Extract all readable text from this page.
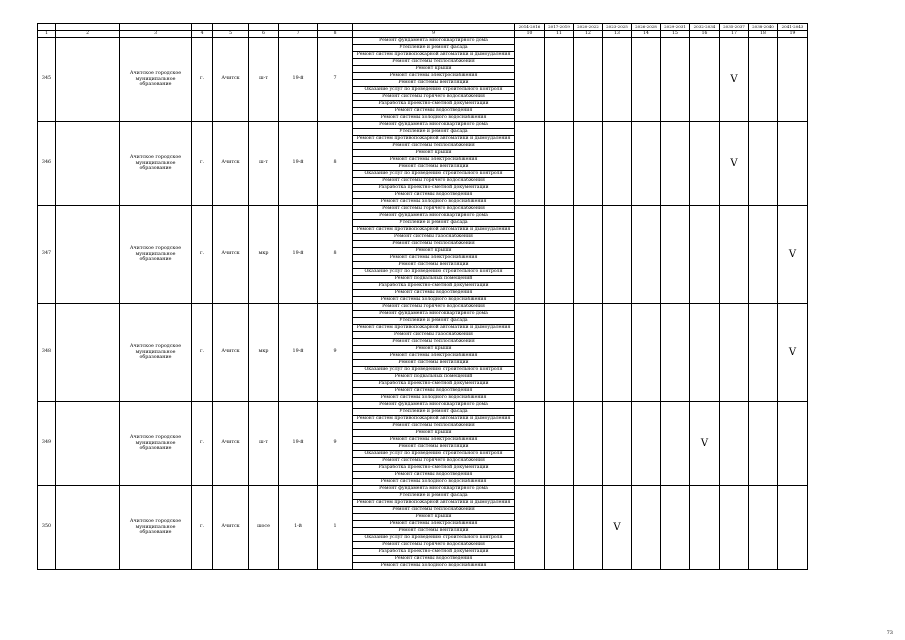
									2014-2016	2017-2019	2020-2022	2023-2025	2026-2028	2029-2031	2032-2034	2035-2037	2038-2040	2041-2043
1	2	3	4	5	6	7	8	9	10	11	12	13	14	15	16	17	18	19
345		Ачитское городское муниципальное образование	г.	Ачитск	ш-т	19-й	7	Ремонт фундамента многоквартирного дома								V		
								Утепление и ремонт фасада										
								Ремонт систем противопожарной автоматики и дымоудаления										
								Ремонт системы теплоснабжения										
								Ремонт крыши										
								Ремонт системы электроснабжения										
								Ремонт системы вентиляции										
								Оказание услуг по проведению строительного контроля										
								Ремонт системы горячего водоснабжения										
								Разработка проектно-сметной документации										
								Ремонт системы водоотведения										
								Ремонт системы холодного водоснабжения										
346		Ачитское городское муниципальное образование	г.	Ачитск	ш-т	19-й	8	Ремонт фундамента многоквартирного дома								V		
								Утепление и ремонт фасада										
								Ремонт систем противопожарной автоматики и дымоудаления										
								Ремонт системы теплоснабжения										
								Ремонт крыши										
								Ремонт системы электроснабжения										
								Ремонт системы вентиляции										
								Оказание услуг по проведению строительного контроля										
								Ремонт системы горячего водоснабжения										
								Разработка проектно-сметной документации										
								Ремонт системы водоотведения										
								Ремонт системы холодного водоснабжения										
347		Ачитское городское муниципальное образование	г.	Ачитск	мкр	19-й	8	Ремонт системы горячего водоснабжения										V
								Ремонт фундамента многоквартирного дома										
								Утепление и ремонт фасада										
								Ремонт систем противопожарной автоматики и дымоудаления										
								Ремонт системы газоснабжения										
								Ремонт системы теплоснабжения										
								Ремонт крыши										
								Ремонт системы электроснабжения										
								Ремонт системы вентиляции										
								Оказание услуг по проведению строительного контроля										
								Ремонт подвальных помещений										
								Разработка проектно-сметной документации										
								Ремонт системы водоотведения										
								Ремонт системы холодного водоснабжения										
348		Ачитское городское муниципальное образование	г.	Ачитск	мкр	19-й	9	Ремонт системы горячего водоснабжения										V
								Ремонт фундамента многоквартирного дома										
								Утепление и ремонт фасада										
								Ремонт систем противопожарной автоматики и дымоудаления										
								Ремонт системы газоснабжения										
								Ремонт системы теплоснабжения										
								Ремонт крыши										
								Ремонт системы электроснабжения										
								Ремонт системы вентиляции										
								Оказание услуг по проведению строительного контроля										
								Ремонт подвальных помещений										
								Разработка проектно-сметной документации										
								Ремонт системы водоотведения										
								Ремонт системы холодного водоснабжения										
349		Ачитское городское муниципальное образование	г.	Ачитск	ш-т	19-й	9	Ремонт фундамента многоквартирного дома							V			
								Утепление и ремонт фасада										
								Ремонт систем противопожарной автоматики и дымоудаления										
								Ремонт системы теплоснабжения										
								Ремонт крыши										
								Ремонт системы электроснабжения										
								Ремонт системы вентиляции										
								Оказание услуг по проведению строительного контроля										
								Ремонт системы горячего водоснабжения										
								Разработка проектно-сметной документации										
								Ремонт системы водоотведения										
								Ремонт системы холодного водоснабжения										
350		Ачитское городское муниципальное образование	г.	Ачитск	шосе	1-й	1	Ремонт фундамента многоквартирного дома				V						
								Утепление и ремонт фасада										
								Ремонт систем противопожарной автоматики и дымоудаления										
								Ремонт системы теплоснабжения										
								Ремонт крыши										
								Ремонт системы электроснабжения										
								Ремонт системы вентиляции										
								Оказание услуг по проведению строительного контроля										
								Ремонт системы горячего водоснабжения										
								Разработка проектно-сметной документации										
								Ремонт системы водоотведения										
								Ремонт системы холодного водоснабжения										
73
